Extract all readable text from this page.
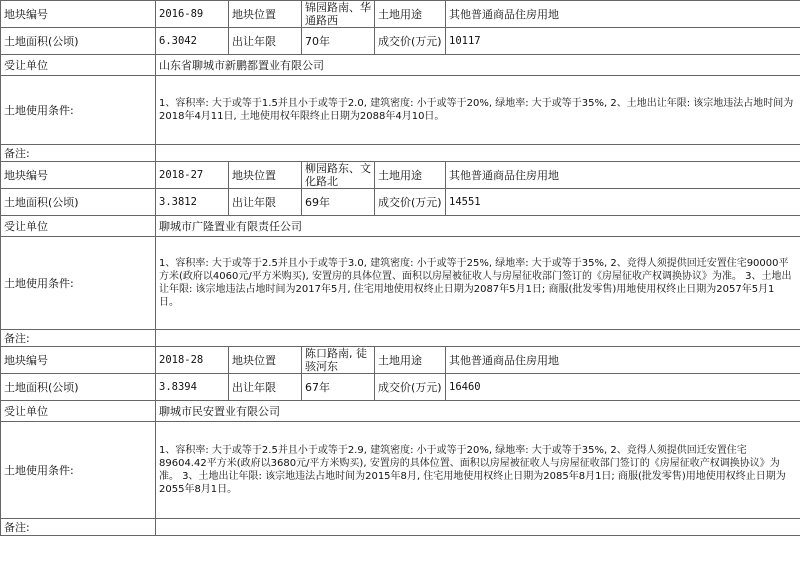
地块编号	2016-89	地块位置	锦园路南、华通路西	土地用途	其他普通商品住房用地
土地面积(公顷)	6.3042	出让年限	70年	成交价(万元)	10117
受让单位	山东省聊城市新鹏都置业有限公司				
土地使用条件:	1、容积率: 大于或等于1.5并且小于或等于2.0, 建筑密度: 小于或等于20%, 绿地率: 大于或等于35%, 2、土地出让年限: 该宗地违法占地时间为2018年4月11日, 土地使用权年限终止日期为2088年4月10日。				
备注:					
地块编号	2018-27	地块位置	柳园路东、文化路北	土地用途	其他普通商品住房用地
土地面积(公顷)	3.3812	出让年限	69年	成交价(万元)	14551
受让单位	聊城市广隆置业有限责任公司				
土地使用条件:	1、容积率: 大于或等于2.5并且小于或等于3.0, 建筑密度: 小于或等于25%, 绿地率: 大于或等于35%, 2、竞得人须提供回迁安置住宅90000平方米(政府以4060元/平方米购买), 安置房的具体位置、面积以房屋被征收人与房屋征收部门签订的《房屋征收产权调换协议》为准。 3、土地出让年限: 该宗地违法占地时间为2017年5月, 住宅用地使用权终止日期为2087年5月1日; 商服(批发零售)用地使用权终止日期为2057年5月1日。				
备注:					
地块编号	2018-28	地块位置	陈口路南, 徒骇河东	土地用途	其他普通商品住房用地
土地面积(公顷)	3.8394	出让年限	67年	成交价(万元)	16460
受让单位	聊城市民安置业有限公司				
土地使用条件:	1、容积率: 大于或等于2.5并且小于或等于2.9, 建筑密度: 小于或等于20%, 绿地率: 大于或等于35%, 2、竞得人须提供回迁安置住宅89604.42平方米(政府以3680元/平方米购买), 安置房的具体位置、面积以房屋被征收人与房屋征收部门签订的《房屋征收产权调换协议》为准。 3、土地出让年限: 该宗地违法占地时间为2015年8月, 住宅用地使用权终止日期为2085年8月1日; 商服(批发零售)用地使用权终止日期为2055年8月1日。				
备注:					
